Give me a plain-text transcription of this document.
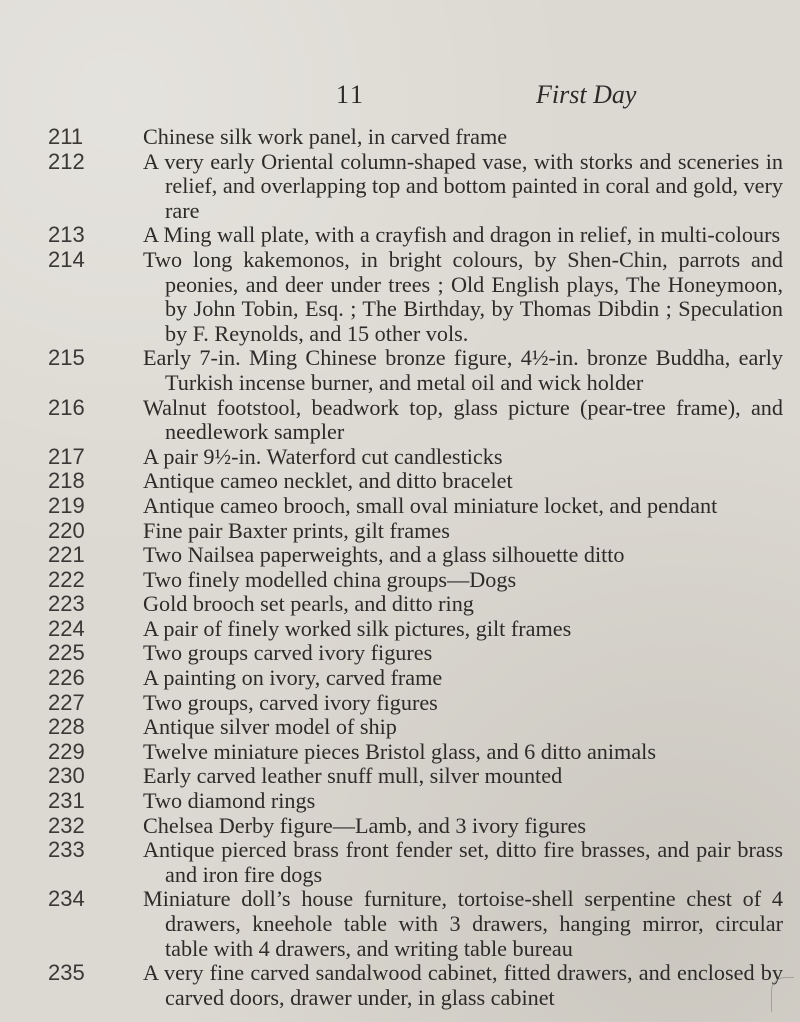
11	First Day
211	Chinese silk work panel, in carved frame
212	A very early Oriental column-shaped vase, with storks and sceneries in relief, and overlapping top and bottom painted in coral and gold, very rare
213	A Ming wall plate, with a crayfish and dragon in relief, in multi-colours
214	Two long kakemonos, in bright colours, by Shen-Chin, parrots and peonies, and deer under trees ; Old English plays, The Honeymoon, by John Tobin, Esq. ; The Birthday, by Thomas Dibdin ; Speculation by F. Reynolds, and 15 other vols.
215	Early 7-in. Ming Chinese bronze figure, 4½-in. bronze Buddha, early Turkish incense burner, and metal oil and wick holder
216	Walnut footstool, beadwork top, glass picture (pear-tree frame), and needlework sampler
217	A pair 9½-in. Waterford cut candlesticks
218	Antique cameo necklet, and ditto bracelet
219	Antique cameo brooch, small oval miniature locket, and pendant
220	Fine pair Baxter prints, gilt frames
221	Two Nailsea paperweights, and a glass silhouette ditto
222	Two finely modelled china groups—Dogs
223	Gold brooch set pearls, and ditto ring
224	A pair of finely worked silk pictures, gilt frames
225	Two groups carved ivory figures
226	A painting on ivory, carved frame
227	Two groups, carved ivory figures
228	Antique silver model of ship
229	Twelve miniature pieces Bristol glass, and 6 ditto animals
230	Early carved leather snuff mull, silver mounted
231	Two diamond rings
232	Chelsea Derby figure—Lamb, and 3 ivory figures
233	Antique pierced brass front fender set, ditto fire brasses, and pair brass and iron fire dogs
234	Miniature doll’s house furniture, tortoise-shell serpentine chest of 4 drawers, kneehole table with 3 drawers, hanging mirror, circular table with 4 drawers, and writing table bureau
235	A very fine carved sandalwood cabinet, fitted drawers, and enclosed by carved doors, drawer under, in glass cabinet
